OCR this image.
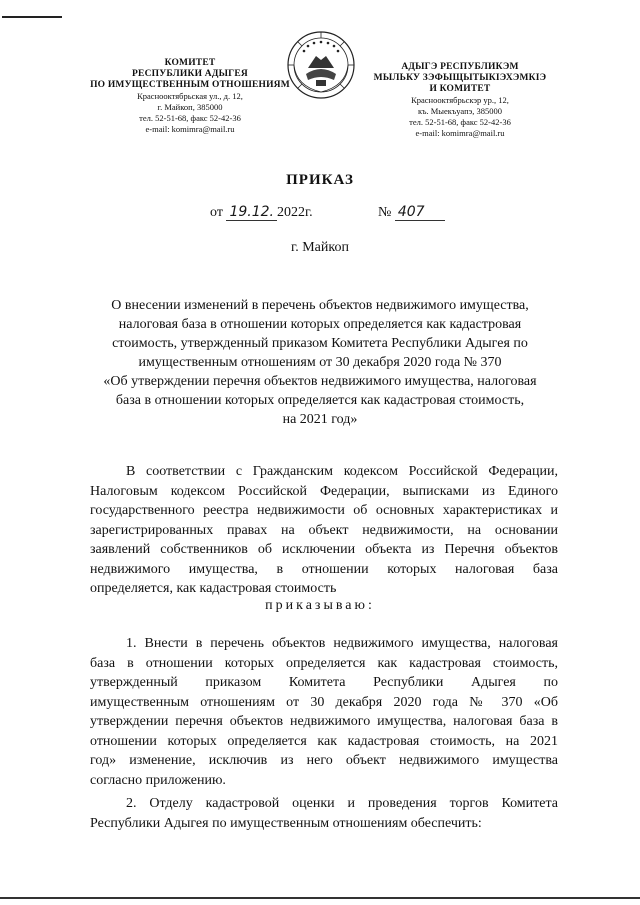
КОМИТЕТ
РЕСПУБЛИКИ АДЫГЕЯ
ПО ИМУЩЕСТВЕННЫМ ОТНОШЕНИЯМ
Краснооктябрьская ул., д. 12,
г. Майкоп, 385000
тел. 52-51-68, факс 52-42-36
e-mail: komimra@mail.ru
АДЫГЭ РЕСПУБЛИКЭМ
МЫЛЬКУ ЗЭФЫЩЫТЫКІЭХЭМКІЭ
И КОМИТЕТ
Краснооктябрьскэр ур., 12,
къ. Мыекъуапэ, 385000
тел. 52-51-68, факс 52-42-36
e-mail: komimra@mail.ru
ПРИКАЗ
от 19.12. 2022г.	№ 407
г. Майкоп
О внесении изменений в перечень объектов недвижимого имущества,
налоговая база в отношении которых определяется как кадастровая
стоимость, утвержденный приказом Комитета Республики Адыгея по
имущественным отношениям от 30 декабря 2020 года № 370
«Об утверждении перечня объектов недвижимого имущества, налоговая
база в отношении которых определяется как кадастровая стоимость,
на 2021 год»
В соответствии с Гражданским кодексом Российской Федерации,
Налоговым кодексом Российской Федерации, выписками из Единого
государственного реестра недвижимости об основных характеристиках и
зарегистрированных правах на объект недвижимости, на основании
заявлений собственников об исключении объекта из Перечня объектов
недвижимого имущества, в отношении которых налоговая база
определяется, как кадастровая стоимость
приказываю:
1. Внести в перечень объектов недвижимого имущества, налоговая
база в отношении которых определяется как кадастровая стоимость,
утвержденный приказом Комитета Республики Адыгея по
имущественным отношениям от 30 декабря 2020 года № 370 «Об
утверждении перечня объектов недвижимого имущества, налоговая база в
отношении которых определяется как кадастровая стоимость, на 2021
год» изменение, исключив из него объект недвижимого имущества
согласно приложению.
2. Отделу кадастровой оценки и проведения торгов Комитета
Республики Адыгея по имущественным отношениям обеспечить:
